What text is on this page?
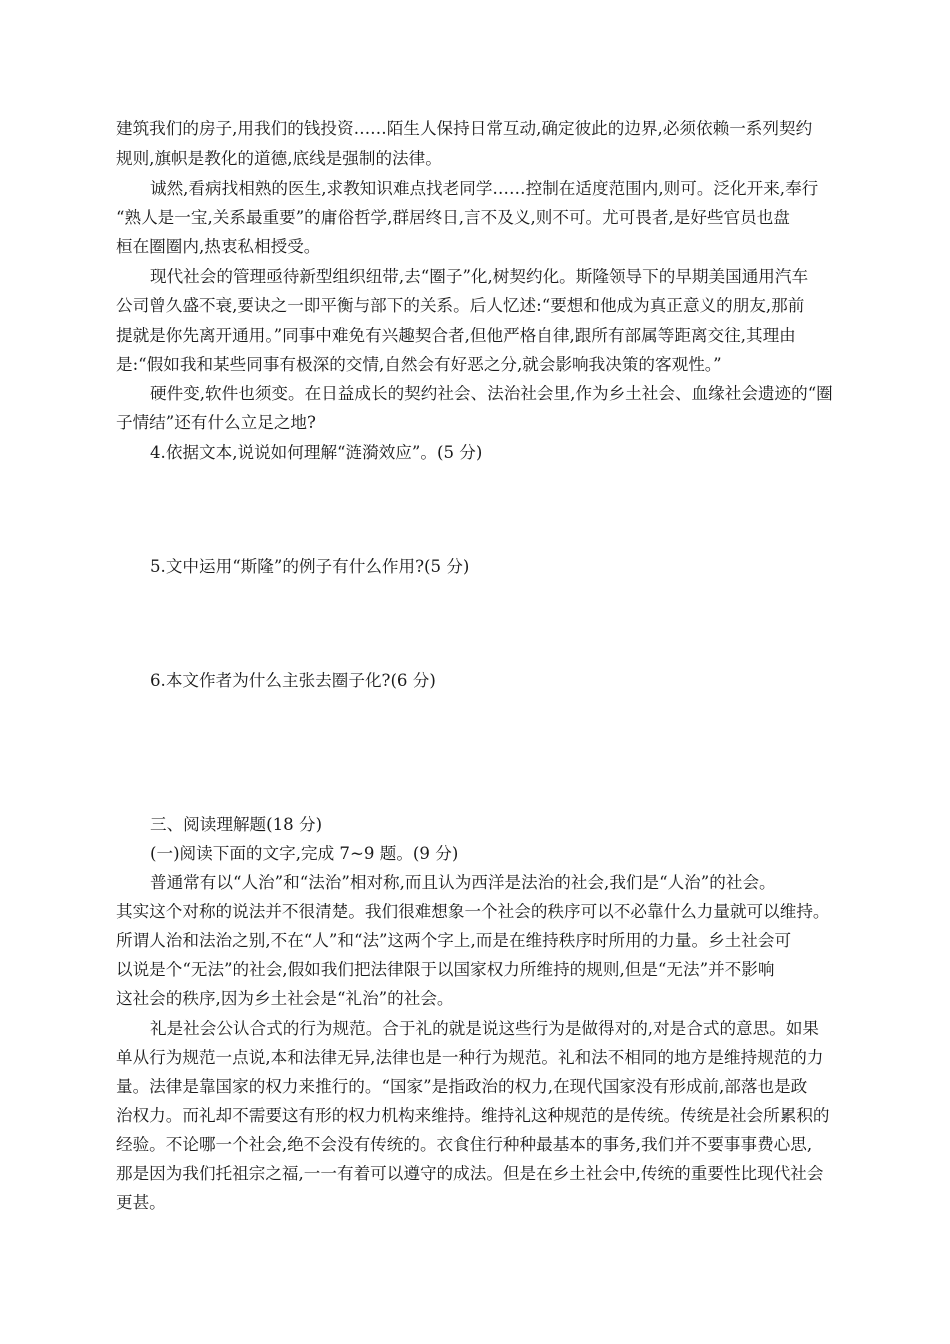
建筑我们的房子,用我们的钱投资……陌生人保持日常互动,确定彼此的边界,必须依赖一系列契约
规则,旗帜是教化的道德,底线是强制的法律。
诚然,看病找相熟的医生,求教知识难点找老同学……控制在适度范围内,则可。泛化开来,奉行
“熟人是一宝,关系最重要”的庸俗哲学,群居终日,言不及义,则不可。尤可畏者,是好些官员也盘
桓在圈圈内,热衷私相授受。
现代社会的管理亟待新型组织纽带,去“圈子”化,树契约化。斯隆领导下的早期美国通用汽车
公司曾久盛不衰,要诀之一即平衡与部下的关系。后人忆述:“要想和他成为真正意义的朋友,那前
提就是你先离开通用。”同事中难免有兴趣契合者,但他严格自律,跟所有部属等距离交往,其理由
是:“假如我和某些同事有极深的交情,自然会有好恶之分,就会影响我决策的客观性。”
硬件变,软件也须变。在日益成长的契约社会、法治社会里,作为乡土社会、血缘社会遗迹的“圈
子情结”还有什么立足之地?
4.依据文本,说说如何理解“涟漪效应”。(5 分)
5.文中运用“斯隆”的例子有什么作用?(5 分)
6.本文作者为什么主张去圈子化?(6 分)
三、阅读理解题(18 分)
(一)阅读下面的文字,完成 7~9 题。(9 分)
普通常有以“人治”和“法治”相对称,而且认为西洋是法治的社会,我们是“人治”的社会。
其实这个对称的说法并不很清楚。我们很难想象一个社会的秩序可以不必靠什么力量就可以维持。
所谓人治和法治之别,不在“人”和“法”这两个字上,而是在维持秩序时所用的力量。乡土社会可
以说是个“无法”的社会,假如我们把法律限于以国家权力所维持的规则,但是“无法”并不影响
这社会的秩序,因为乡土社会是“礼治”的社会。
礼是社会公认合式的行为规范。合于礼的就是说这些行为是做得对的,对是合式的意思。如果
单从行为规范一点说,本和法律无异,法律也是一种行为规范。礼和法不相同的地方是维持规范的力
量。法律是靠国家的权力来推行的。“国家”是指政治的权力,在现代国家没有形成前,部落也是政
治权力。而礼却不需要这有形的权力机构来维持。维持礼这种规范的是传统。传统是社会所累积的
经验。不论哪一个社会,绝不会没有传统的。衣食住行种种最基本的事务,我们并不要事事费心思,
那是因为我们托祖宗之福,一一有着可以遵守的成法。但是在乡土社会中,传统的重要性比现代社会
更甚。
